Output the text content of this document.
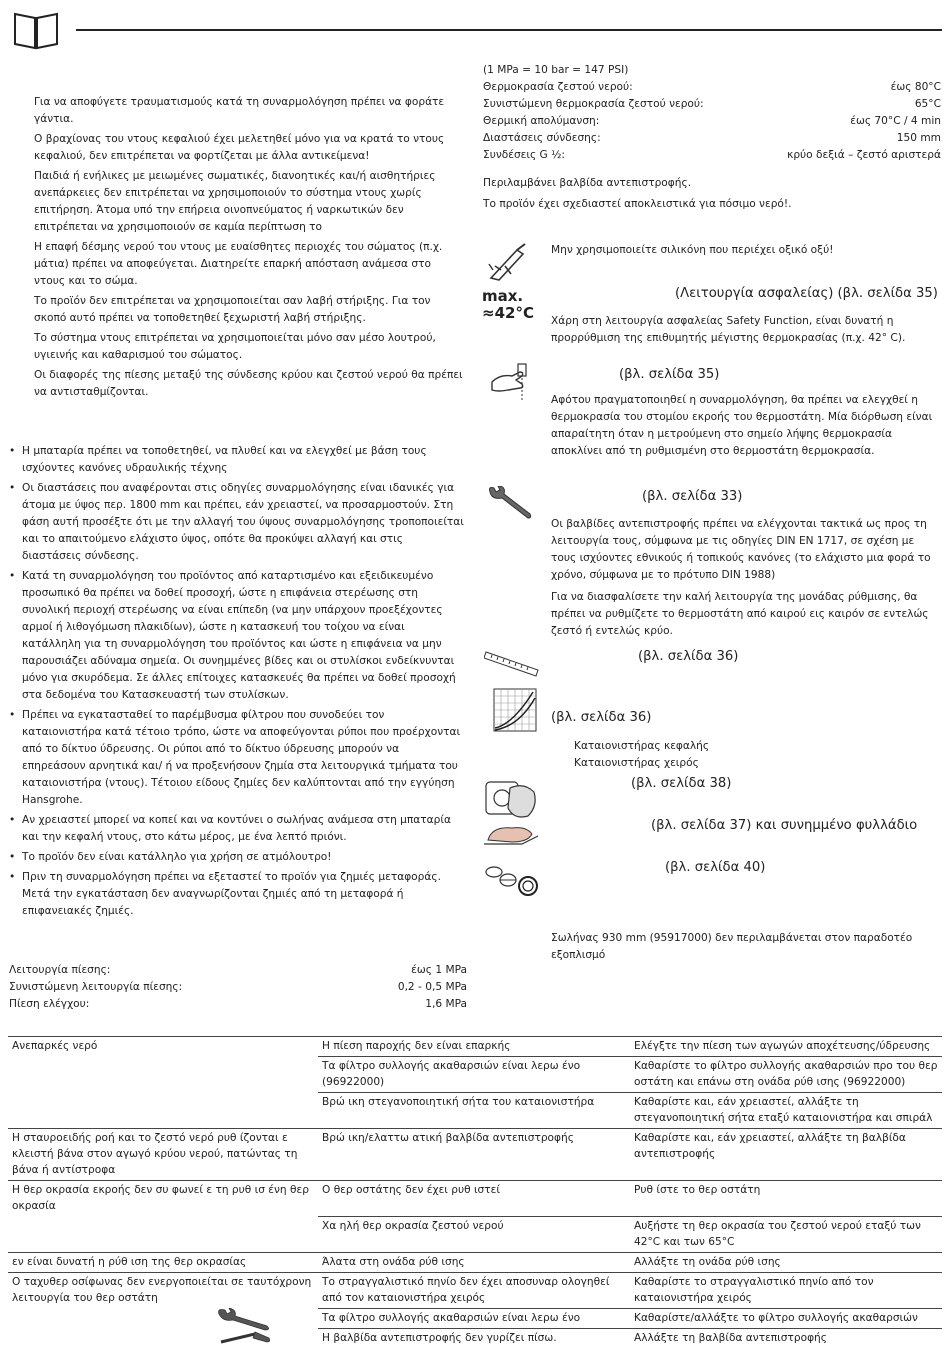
Για να αποφύγετε τραυματισμούς κατά τη συναρμολόγηση πρέπει να φοράτε γάντια.

Ο βραχίονας του ντους κεφαλιού έχει μελετηθεί μόνο για να κρατά το ντους κεφαλιού, δεν επιτρέπεται να φορτίζεται με άλλα αντικείμενα!

Παιδιά ή ενήλικες με μειωμένες σωματικές, διανοητικές και/ή αισθητήριες ανεπάρκειες δεν επιτρέπεται να χρησιμοποιούν το σύστημα ντους χωρίς επιτήρηση. Άτομα υπό την επήρεια οινοπνεύματος ή ναρκωτικών δεν επιτρέπεται να χρησιμοποιούν σε καμία περίπτωση το

Η επαφή δέσμης νερού του ντους με ευαίσθητες περιοχές του σώματος (π.χ. μάτια) πρέπει να αποφεύγεται. Διατηρείτε επαρκή απόσταση ανάμεσα στο ντους και το σώμα.

Το προϊόν δεν επιτρέπεται να χρησιμοποιείται σαν λαβή στήριξης. Για τον σκοπό αυτό πρέπει να τοποθετηθεί ξεχωριστή λαβή στήριξης.

Το σύστημα ντους επιτρέπεται να χρησιμοποιείται μόνο σαν μέσο λουτρού, υγιεινής και καθαρισμού του σώματος.

Οι διαφορές της πίεσης μεταξύ της σύνδεσης κρύου και ζεστού νερού θα πρέπει να αντισταθμίζονται.

• Η μπαταρία πρέπει να τοποθετηθεί, να πλυθεί και να ελεγχθεί με βάση τους ισχύοντες κανόνες υδραυλικής τέχνης
• Οι διαστάσεις που αναφέρονται στις οδηγίες συναρμολόγησης είναι ιδανικές για άτομα με ύψος περ. 1800 mm και πρέπει, εάν χρειαστεί, να προσαρμοστούν. Στη φάση αυτή προσέξτε ότι με την αλλαγή του ύψους συναρμολόγησης τροποποιείται και το απαιτούμενο ελάχιστο ύψος, οπότε θα προκύψει αλλαγή και στις διαστάσεις σύνδεσης.
• Κατά τη συναρμολόγηση του προϊόντος από καταρτισμένο και εξειδικευμένο προσωπικό θα πρέπει να δοθεί προσοχή, ώστε η επιφάνεια στερέωσης στη συνολική περιοχή στερέωσης να είναι επίπεδη (να μην υπάρχουν προεξέχοντες αρμοί ή λιθογόμωση πλακιδίων), ώστε η κατασκευή του τοίχου να είναι κατάλληλη για τη συναρμολόγηση του προϊόντος και ώστε η επιφάνεια να μην παρουσιάζει αδύναμα σημεία. Οι συνημμένες βίδες και οι στυλίσκοι ενδείκνυνται μόνο για σκυρόδεμα. Σε άλλες επίτοιχες κατασκευές θα πρέπει να δοθεί προσοχή στα δεδομένα του Κατασκευαστή των στυλίσκων.
• Πρέπει να εγκατασταθεί το παρέμβυσμα φίλτρου που συνοδεύει τον καταιονιστήρα κατά τέτοιο τρόπο, ώστε να αποφεύγονται ρύποι που προέρχονται από το δίκτυο ύδρευσης. Οι ρύποι από το δίκτυο ύδρευσης μπορούν να επηρεάσουν αρνητικά και/ ή να προξενήσουν ζημία στα λειτουργικά τμήματα του καταιονιστήρα (ντους). Τέτοιου είδους ζημίες δεν καλύπτονται από την εγγύηση Hansgrohe.
• Αν χρειαστεί μπορεί να κοπεί και να κοντύνει ο σωλήνας ανάμεσα στη μπαταρία και την κεφαλή ντους, στο κάτω μέρος, με ένα λεπτό πριόνι.
• Το προϊόν δεν είναι κατάλληλο για χρήση σε ατμόλουτρο!
• Πριν τη συναρμολόγηση πρέπει να εξεταστεί το προϊόν για ζημιές μεταφοράς. Μετά την εγκατάσταση δεν αναγνωρίζονται ζημιές από τη μεταφορά ή επιφανειακές ζημιές.
Λειτουργία πίεσης:	έως 1 MPa
Συνιστώμενη λειτουργία πίεσης:	0,2 - 0,5 MPa
Πίεση ελέγχου:	1,6 MPa
(1 MPa = 10 bar = 147 PSI)
Θερμοκρασία ζεστού νερού:	έως 80°C
Συνιστώμενη θερμοκρασία ζεστού νερού:	65°C
Θερμική απολύμανση:	έως 70°C / 4 min
Διαστάσεις σύνδεσης:	150 mm
Συνδέσεις G ½:	κρύο δεξιά – ζεστό αριστερά
Περιλαμβάνει βαλβίδα αντεπιστροφής.
Το προϊόν έχει σχεδιαστεί αποκλειστικά για πόσιμο νερό!.
Μην χρησιμοποιείτε σιλικόνη που περιέχει οξικό οξύ!
max.
≈42°C
(Λειτουργία ασφαλείας) (βλ. σελίδα 35)
Χάρη στη λειτουργία ασφαλείας Safety Function, είναι δυνατή η προρρύθμιση της επιθυμητής μέγιστης θερμοκρασίας (π.χ. 42° C).
(βλ. σελίδα 35)
Αφότου πραγματοποιηθεί η συναρμολόγηση, θα πρέπει να ελεγχθεί η θερμοκρασία του στομίου εκροής του θερμοστάτη. Μία διόρθωση είναι απαραίτητη όταν η μετρούμενη στο σημείο λήψης θερμοκρασία αποκλίνει από τη ρυθμισμένη στο θερμοστάτη θερμοκρασία.
(βλ. σελίδα 33)

Οι βαλβίδες αντεπιστροφής πρέπει να ελέγχονται τακτικά ως προς τη λειτουργία τους, σύμφωνα με τις οδηγίες DIN EN 1717, σε σχέση με τους ισχύοντες εθνικούς ή τοπικούς κανόνες (το ελάχιστο μια φορά το χρόνο, σύμφωνα με το πρότυπο DIN 1988)

Για να διασφαλίσετε την καλή λειτουργία της μονάδας ρύθμισης, θα πρέπει να ρυθμίζετε το θερμοστάτη από καιρού εις καιρόν σε εντελώς ζεστό ή εντελώς κρύο.

(βλ. σελίδα 36)
(βλ. σελίδα 36)
Καταιονιστήρας κεφαλής
Καταιονιστήρας χειρός
(βλ. σελίδα 38)
(βλ. σελίδα 37) και συνημμένο φυλλάδιο
(βλ. σελίδα 40)
Σωλήνας 930 mm (95917000) δεν περιλαμβάνεται στον παραδοτέο εξοπλισμό
Ανεπαρκές νερό	Η πίεση παροχής δεν είναι επαρκής	Ελέγξτε την πίεση των αγωγών αποχέτευσης/ύδρευσης
	Τα φίλτρο συλλογής ακαθαρσιών είναι λερω ένο (96922000)	Καθαρίστε το φίλτρο συλλογής ακαθαρσιών προ του θερ οστάτη και επάνω στη ονάδα ρύθ ισης (96922000)
	Βρώ ικη στεγανοποιητική σήτα του καταιονιστήρα	Καθαρίστε και, εάν χρειαστεί, αλλάξτε τη στεγανοποιητική σήτα εταξύ καταιονιστήρα και σπιράλ
Η σταυροειδής ροή και το ζεστό νερό ρυθ ίζονται ε κλειστή βάνα στον αγωγό κρύου νερού, πατώντας τη βάνα ή αντίστροφα	Βρώ ικη/ελαττω ατική βαλβίδα αντεπιστροφής	Καθαρίστε και, εάν χρειαστεί, αλλάξτε τη βαλβίδα αντεπιστροφής
Η θερ οκρασία εκροής δεν συ φωνεί ε τη ρυθ ισ ένη θερ οκρασία	Ο θερ οστάτης δεν έχει ρυθ ιστεί	Ρυθ ίστε το θερ οστάτη
	Χα ηλή θερ οκρασία ζεστού νερού	Αυξήστε τη θερ οκρασία του ζεστού νερού εταξύ των 42°C και των 65°C
εν είναι δυνατή η ρύθ ιση της θερ οκρασίας	Άλατα στη ονάδα ρύθ ισης	Αλλάξτε τη ονάδα ρύθ ισης
Ο ταχυθερ οσίφωνας δεν ενεργοποιείται σε ταυτόχρονη λειτουργία του θερ οστάτη	Το στραγγαλιστικό πηνίο δεν έχει αποσυναρ ολογηθεί από τον καταιονιστήρα χειρός	Καθαρίστε το στραγγαλιστικό πηνίο από τον καταιονιστήρα χειρός
	Τα φίλτρο συλλογής ακαθαρσιών είναι λερω ένο	Καθαρίστε/αλλάξτε το φίλτρο συλλογής ακαθαρσιών
	Η βαλβίδα αντεπιστροφής δεν γυρίζει πίσω.	Αλλάξτε τη βαλβίδα αντεπιστροφής
